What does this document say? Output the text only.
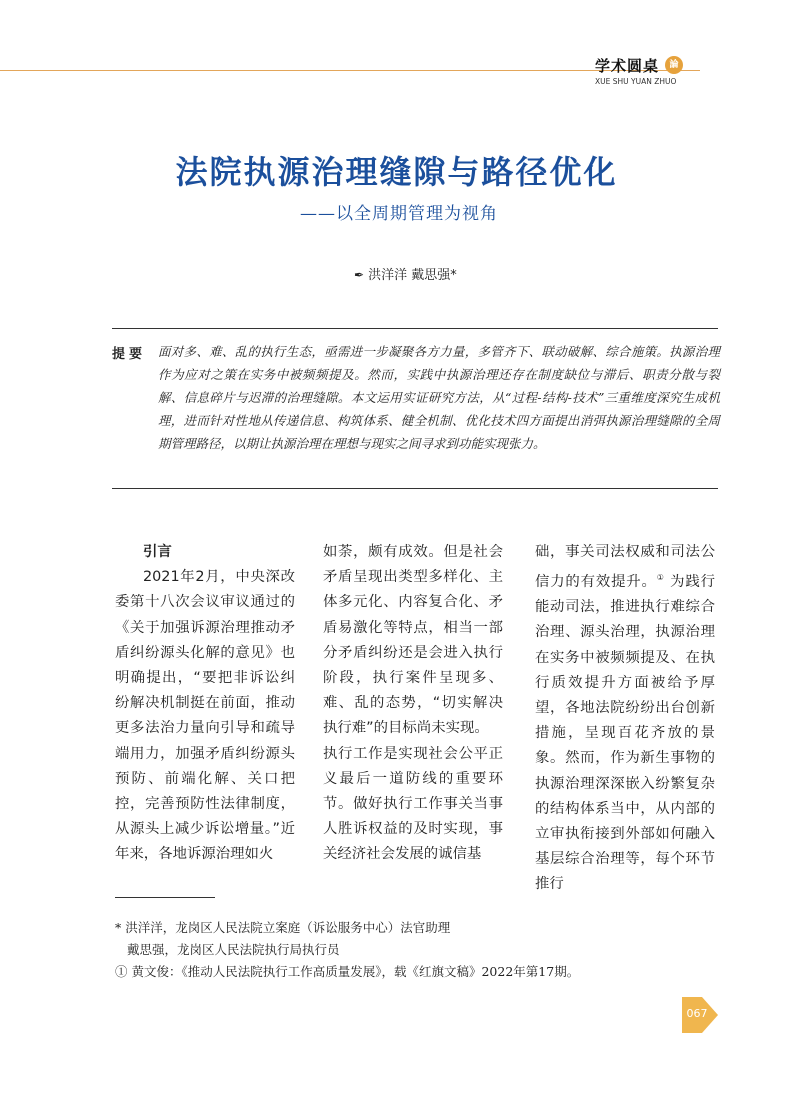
学术圆桌	論
XUE SHU YUAN ZHUO
法院执源治理缝隙与路径优化
——以全周期管理为视角
✒ 洪洋洋 戴思强*
提要 面对多、难、乱的执行生态，亟需进一步凝聚各方力量，多管齐下、联动破解、综合施策。执源治理作为应对之策在实务中被频频提及。然而，实践中执源治理还存在制度缺位与滞后、职责分散与裂解、信息碎片与迟滞的治理缝隙。本文运用实证研究方法，从“过程-结构-技术”三重维度深究生成机理，进而针对性地从传递信息、构筑体系、健全机制、优化技术四方面提出消弭执源治理缝隙的全周期管理路径，以期让执源治理在理想与现实之间寻求到功能实现张力。

引言

2021年2月，中央深改委第十八次会议审议通过的《关于加强诉源治理推动矛盾纠纷源头化解的意见》也明确提出，“要把非诉讼纠纷解决机制挺在前面，推动更多法治力量向引导和疏导端用力，加强矛盾纠纷源头预防、前端化解、关口把控，完善预防性法律制度，从源头上减少诉讼增量。”近年来，各地诉源治理如火

如荼，颇有成效。但是社会矛盾呈现出类型多样化、主体多元化、内容复合化、矛盾易激化等特点，相当一部分矛盾纠纷还是会进入执行阶段，执行案件呈现多、难、乱的态势，“切实解决执行难”的目标尚未实现。

执行工作是实现社会公平正义最后一道防线的重要环节。做好执行工作事关当事人胜诉权益的及时实现，事关经济社会发展的诚信基

础，事关司法权威和司法公信力的有效提升。① 为践行能动司法，推进执行难综合治理、源头治理，执源治理在实务中被频频提及、在执行质效提升方面被给予厚望，各地法院纷纷出台创新措施，呈现百花齐放的景象。然而，作为新生事物的执源治理深深嵌入纷繁复杂的结构体系当中，从内部的立审执衔接到外部如何融入基层综合治理等，每个环节推行

* 洪洋洋，龙岗区人民法院立案庭（诉讼服务中心）法官助理
戴思强，龙岗区人民法院执行局执行员
① 黄文俊：《推动人民法院执行工作高质量发展》，载《红旗文稿》2022年第17期。
067
